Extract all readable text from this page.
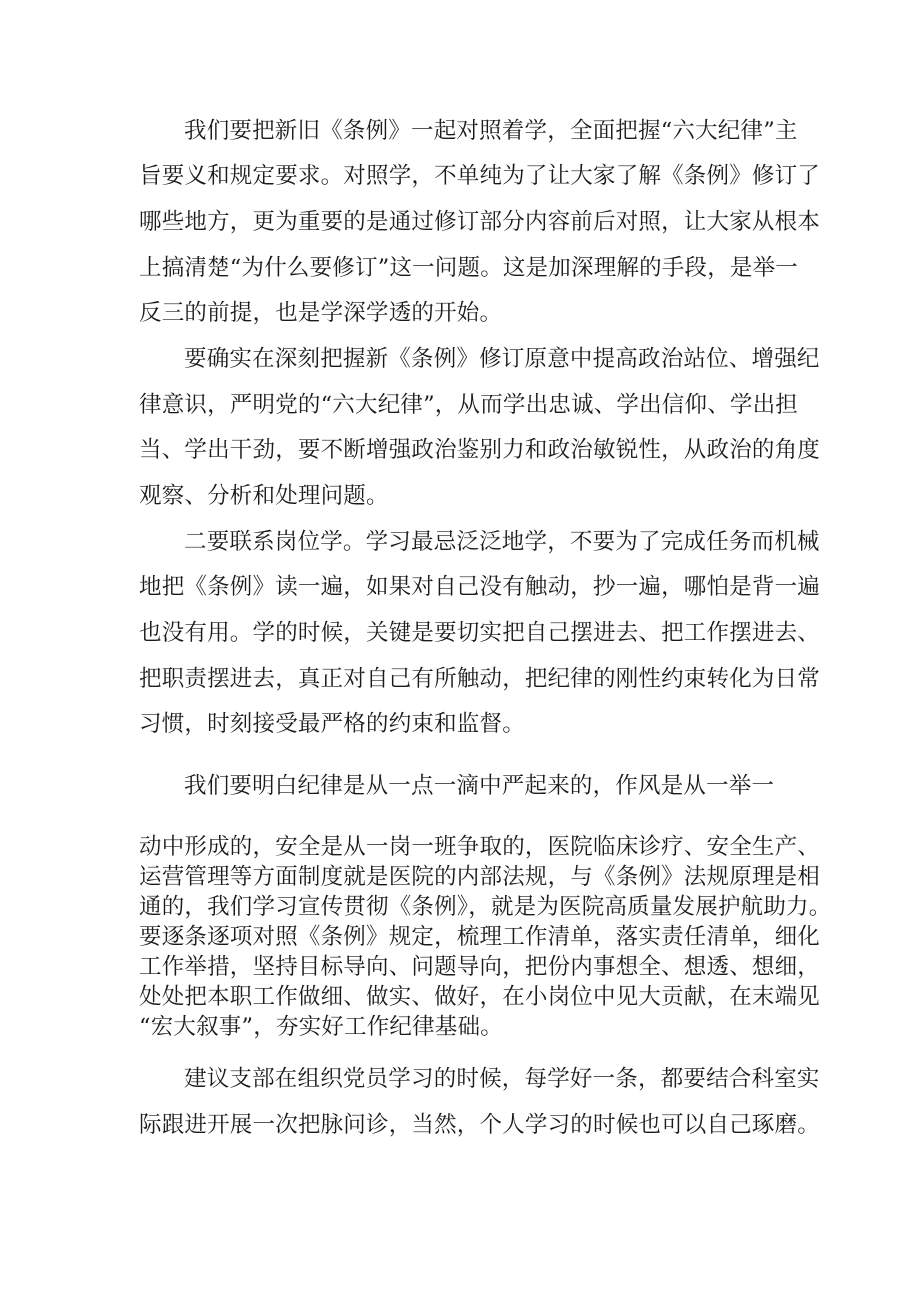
我们要把新旧《条例》一起对照着学，全面把握“六大纪律”主

旨要义和规定要求。对照学，不单纯为了让大家了解《条例》修订了

哪些地方，更为重要的是通过修订部分内容前后对照，让大家从根本

上搞清楚“为什么要修订”这一问题。这是加深理解的手段，是举一

反三的前提，也是学深学透的开始。

要确实在深刻把握新《条例》修订原意中提高政治站位、增强纪

律意识，严明党的“六大纪律”，从而学出忠诚、学出信仰、学出担

当、学出干劲，要不断增强政治鉴别力和政治敏锐性，从政治的角度

观察、分析和处理问题。

二要联系岗位学。学习最忌泛泛地学，不要为了完成任务而机械

地把《条例》读一遍，如果对自己没有触动，抄一遍，哪怕是背一遍

也没有用。学的时候，关键是要切实把自己摆进去、把工作摆进去、

把职责摆进去，真正对自己有所触动，把纪律的刚性约束转化为日常

习惯，时刻接受最严格的约束和监督。

我们要明白纪律是从一点一滴中严起来的，作风是从一举一

动中形成的，安全是从一岗一班争取的，医院临床诊疗、安全生产、

运营管理等方面制度就是医院的内部法规，与《条例》法规原理是相

通的，我们学习宣传贯彻《条例》，就是为医院高质量发展护航助力。

要逐条逐项对照《条例》规定，梳理工作清单，落实责任清单，细化

工作举措，坚持目标导向、问题导向，把份内事想全、想透、想细，

处处把本职工作做细、做实、做好，在小岗位中见大贡献，在末端见

“宏大叙事”，夯实好工作纪律基础。

建议支部在组织党员学习的时候，每学好一条，都要结合科室实

际跟进开展一次把脉问诊，当然，个人学习的时候也可以自己琢磨。
